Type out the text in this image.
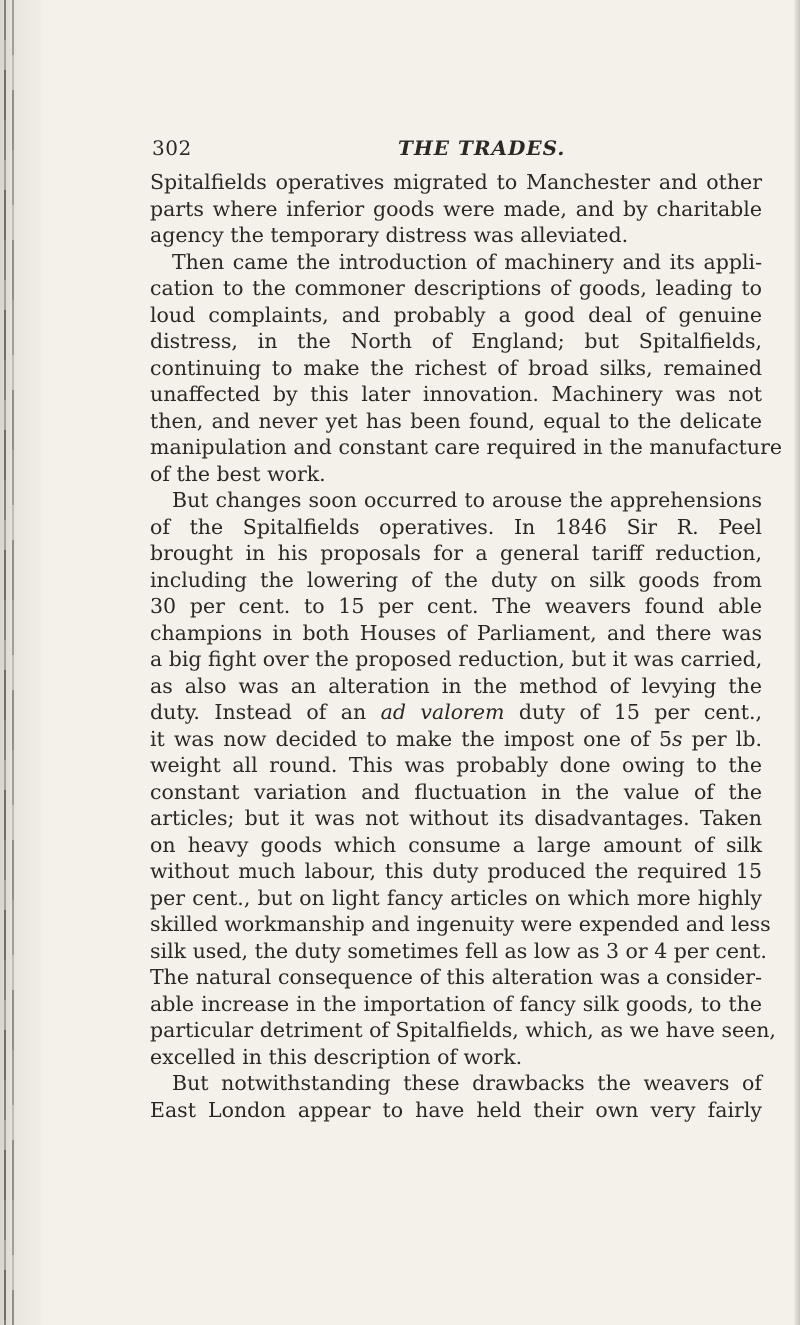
302	THE TRADES.
Spitalfields operatives migrated to Manchester and other
parts where inferior goods were made, and by charitable
agency the temporary distress was alleviated.
Then came the introduction of machinery and its appli-
cation to the commoner descriptions of goods, leading to
loud complaints, and probably a good deal of genuine
distress, in the North of England; but Spitalfields,
continuing to make the richest of broad silks, remained
unaffected by this later innovation. Machinery was not
then, and never yet has been found, equal to the delicate
manipulation and constant care required in the manufacture
of the best work.
But changes soon occurred to arouse the apprehensions
of the Spitalfields operatives. In 1846 Sir R. Peel
brought in his proposals for a general tariff reduction,
including the lowering of the duty on silk goods from
30 per cent. to 15 per cent. The weavers found able
champions in both Houses of Parliament, and there was
a big fight over the proposed reduction, but it was carried,
as also was an alteration in the method of levying the
duty. Instead of an ad valorem duty of 15 per cent.,
it was now decided to make the impost one of 5s per lb.
weight all round. This was probably done owing to the
constant variation and fluctuation in the value of the
articles; but it was not without its disadvantages. Taken
on heavy goods which consume a large amount of silk
without much labour, this duty produced the required 15
per cent., but on light fancy articles on which more highly
skilled workmanship and ingenuity were expended and less
silk used, the duty sometimes fell as low as 3 or 4 per cent.
The natural consequence of this alteration was a consider-
able increase in the importation of fancy silk goods, to the
particular detriment of Spitalfields, which, as we have seen,
excelled in this description of work.
But notwithstanding these drawbacks the weavers of
East London appear to have held their own very fairly
